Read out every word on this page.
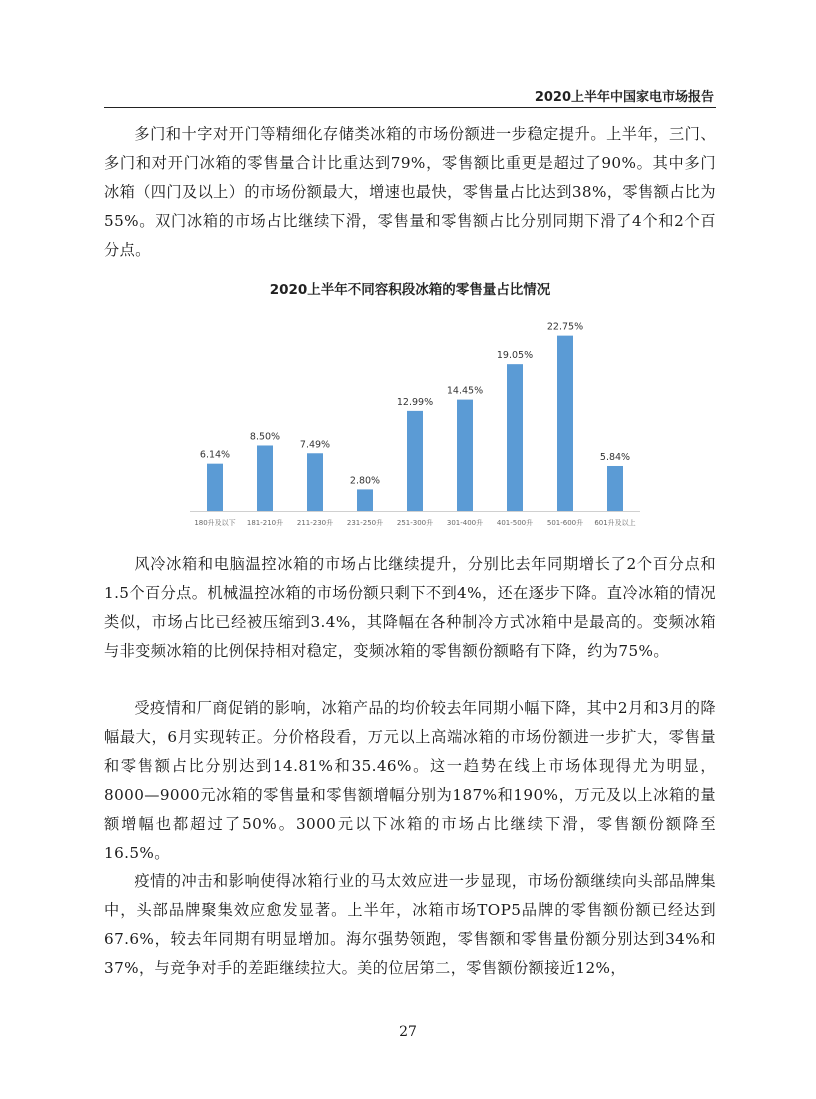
2020上半年中国家电市场报告

多门和十字对开门等精细化存储类冰箱的市场份额进一步稳定提升。上半年，三门、多门和对开门冰箱的零售量合计比重达到79%，零售额比重更是超过了90%。其中多门冰箱（四门及以上）的市场份额最大，增速也最快，零售量占比达到38%，零售额占比为55%。双门冰箱的市场占比继续下滑，零售量和零售额占比分别同期下滑了4个和2个百分点。

2020上半年不同容积段冰箱的零售量占比情况
6.14%
180升及以下
8.50%
181-210升
7.49%
211-230升
2.80%
231-250升
12.99%
251-300升
14.45%
301-400升
19.05%
401-500升
22.75%
501-600升
5.84%
601升及以上

风冷冰箱和电脑温控冰箱的市场占比继续提升，分别比去年同期增长了2个百分点和1.5个百分点。机械温控冰箱的市场份额只剩下不到4%，还在逐步下降。直冷冰箱的情况类似，市场占比已经被压缩到3.4%，其降幅在各种制冷方式冰箱中是最高的。变频冰箱与非变频冰箱的比例保持相对稳定，变频冰箱的零售额份额略有下降，约为75%。

受疫情和厂商促销的影响，冰箱产品的均价较去年同期小幅下降，其中2月和3月的降幅最大，6月实现转正。分价格段看，万元以上高端冰箱的市场份额进一步扩大，零售量和零售额占比分别达到14.81%和35.46%。这一趋势在线上市场体现得尤为明显，8000—9000元冰箱的零售量和零售额增幅分别为187%和190%，万元及以上冰箱的量额增幅也都超过了50%。3000元以下冰箱的市场占比继续下滑，零售额份额降至16.5%。

疫情的冲击和影响使得冰箱行业的马太效应进一步显现，市场份额继续向头部品牌集中，头部品牌聚集效应愈发显著。上半年，冰箱市场TOP5品牌的零售额份额已经达到67.6%，较去年同期有明显增加。海尔强势领跑，零售额和零售量份额分别达到34%和37%，与竞争对手的差距继续拉大。美的位居第二，零售额份额接近12%，

27
